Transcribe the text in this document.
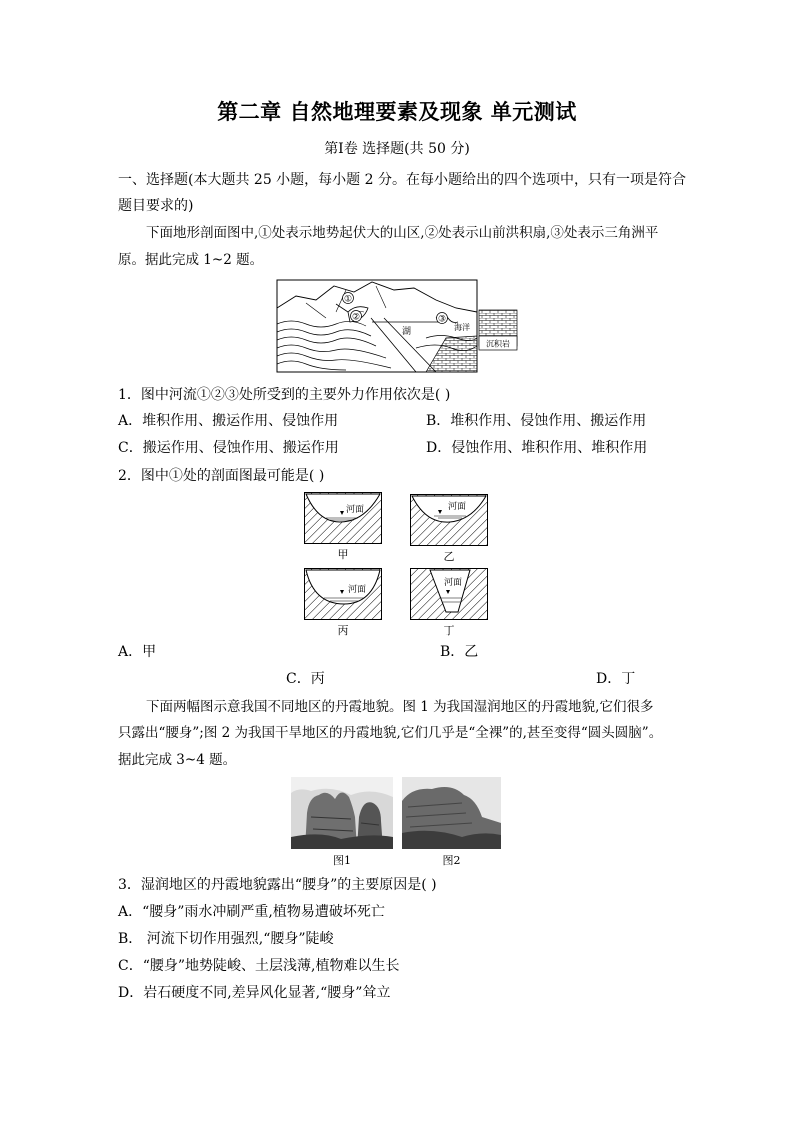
第二章 自然地理要素及现象 单元测试
第Ⅰ卷 选择题(共 50 分)
一、选择题(本大题共 25 小题，每小题 2 分。在每小题给出的四个选项中，只有一项是符合
题目要求的)
下面地形剖面图中,①处表示地势起伏大的山区,②处表示山前洪积扇,③处表示三角洲平
原。据此完成 1~2 题。
①
②	③
湖	海洋
沉积岩
1．图中河流①②③处所受到的主要外力作用依次是( )
A．堆积作用、搬运作用、侵蚀作用	B．堆积作用、侵蚀作用、搬运作用
C．搬运作用、侵蚀作用、搬运作用	D．侵蚀作用、堆积作用、堆积作用
2．图中①处的剖面图最可能是( )
河面
甲
河面
乙
河面
丙
河面
丁
A．甲	B．乙
C．丙	D．丁
下面两幅图示意我国不同地区的丹霞地貌。图 1 为我国湿润地区的丹霞地貌,它们很多
只露出“腰身”;图 2 为我国干旱地区的丹霞地貌,它们几乎是“全裸”的,甚至变得“圆头圆脑”。
据此完成 3~4 题。
图1	图2
3．湿润地区的丹霞地貌露出“腰身”的主要原因是( )
A．“腰身”雨水冲刷严重,植物易遭破坏死亡
B． 河流下切作用强烈,“腰身”陡峻
C．“腰身”地势陡峻、土层浅薄,植物难以生长
D．岩石硬度不同,差异风化显著,“腰身”耸立
